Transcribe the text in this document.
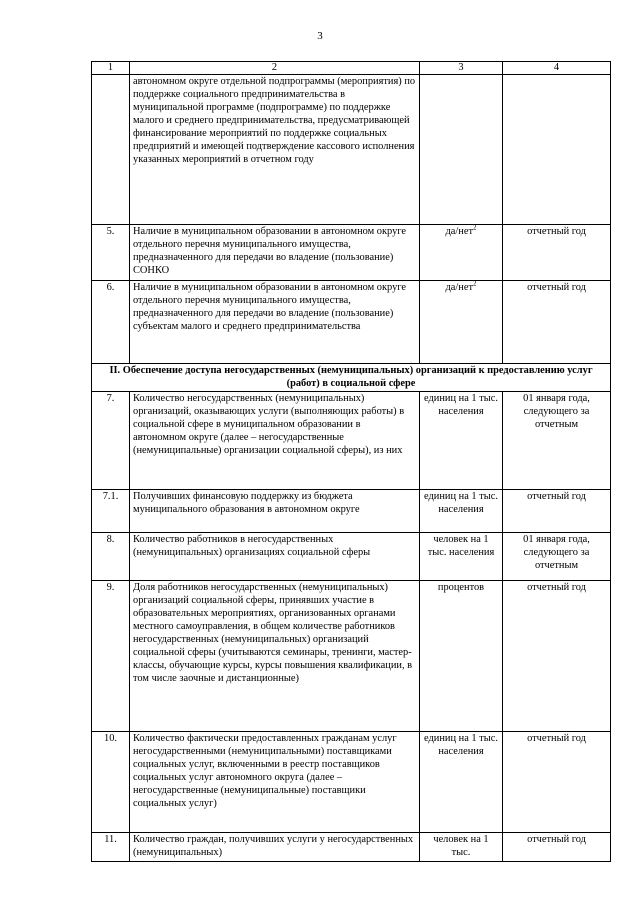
3
1	2	3	4
	автономном округе отдельной подпрограммы (мероприятия) по поддержке социального предпринимательства в муниципальной программе (подпрограмме) по поддержке малого и среднего предпринимательства, предусматривающей финансирование мероприятий по поддержке социальных предприятий и имеющей подтверждение кассового исполнения указанных мероприятий в отчетном году		
5.	Наличие в муниципальном образовании в автономном округе отдельного перечня муниципального имущества, предназначенного для передачи во владение (пользование) СОНКО	да/нет$^2$	отчетный год
6.	Наличие в муниципальном образовании в автономном округе отдельного перечня муниципального имущества, предназначенного для передачи во владение (пользование) субъектам малого и среднего предпринимательства	да/нет$^2$	отчетный год
II. Обеспечение доступа негосударственных (немуниципальных) организаций к предоставлению услуг (работ) в социальной сфере			
7.	Количество негосударственных (немуниципальных) организаций, оказывающих услуги (выполняющих работы) в социальной сфере в муниципальном образовании в автономном округе (далее – негосударственные (немуниципальные) организации социальной сферы), из них	единиц на 1 тыс. населения	01 января года, следующего за отчетным
7.1.	Получивших финансовую поддержку из бюджета муниципального образования в автономном округе	единиц на 1 тыс. населения	отчетный год
8.	Количество работников в негосударственных (немуниципальных) организациях социальной сферы	человек на 1 тыс. населения	01 января года, следующего за отчетным
9.	Доля работников негосударственных (немуниципальных) организаций социальной сферы, принявших участие в образовательных мероприятиях, организованных органами местного самоуправления, в общем количестве работников негосударственных (немуниципальных) организаций социальной сферы (учитываются семинары, тренинги, мастер-классы, обучающие курсы, курсы повышения квалификации, в том числе заочные и дистанционные)	процентов	отчетный год
10.	Количество фактически предоставленных гражданам услуг негосударственными (немуниципальными) поставщиками социальных услуг, включенными в реестр поставщиков социальных услуг автономного округа (далее – негосударственные (немуниципальные) поставщики социальных услуг)	единиц на 1 тыс. населения	отчетный год
11.	Количество граждан, получивших услуги у негосударственных (немуниципальных)	человек на 1 тыс.	отчетный год
